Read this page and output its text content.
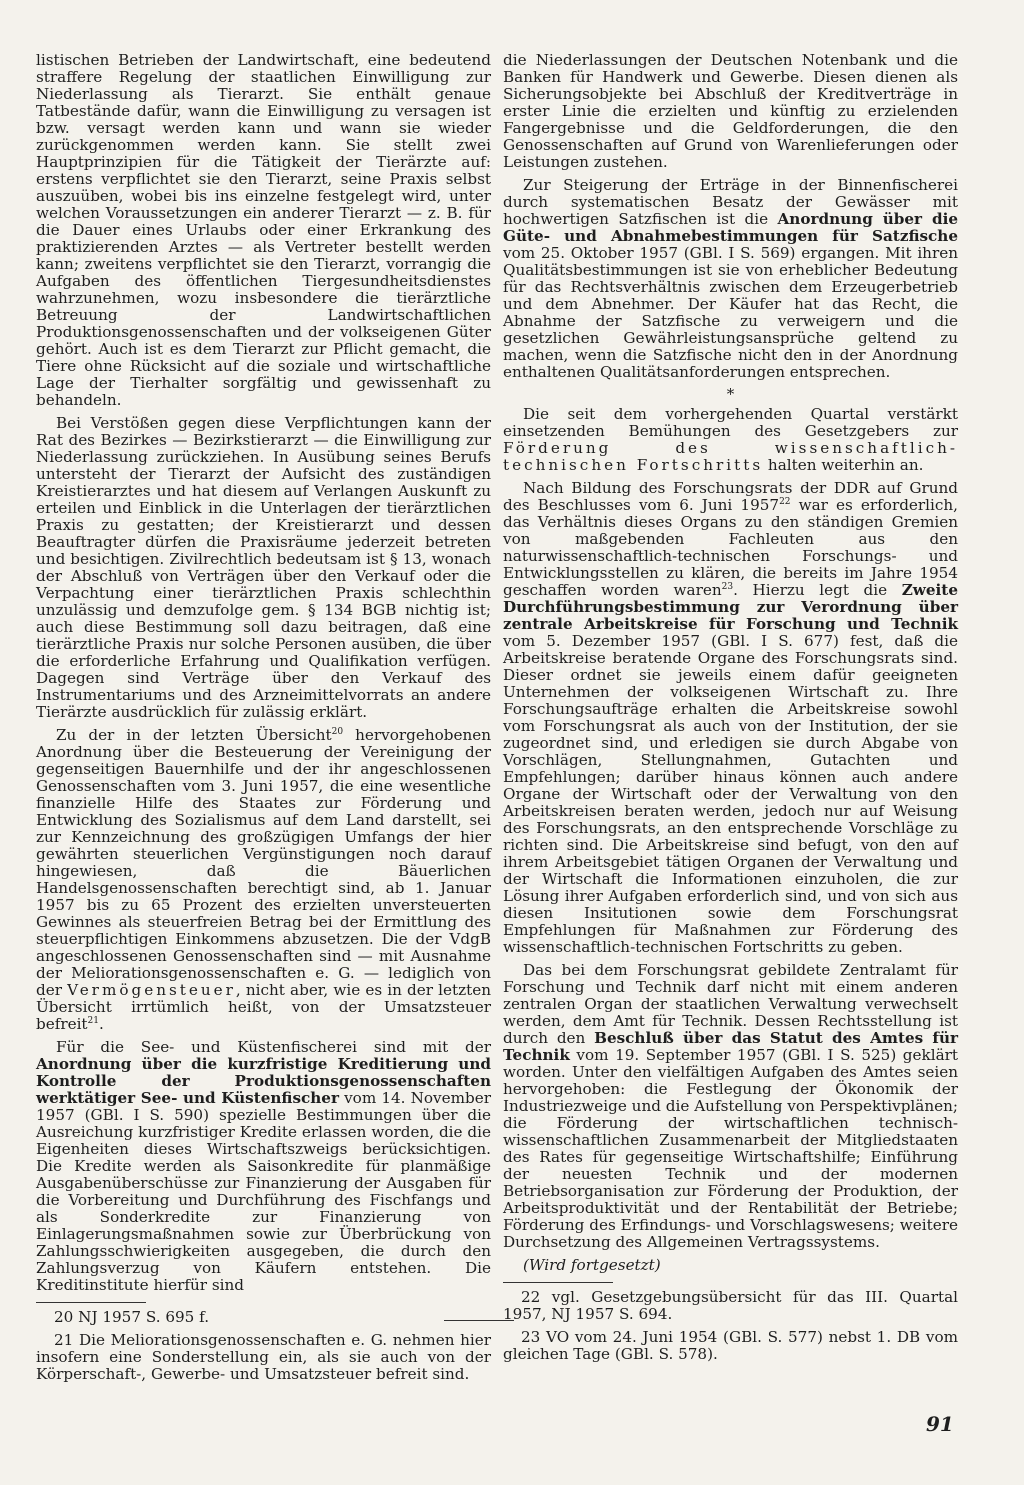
listischen Betrieben der Landwirtschaft, eine bedeutend straffere Regelung der staatlichen Einwilligung zur Niederlassung als Tierarzt. Sie enthält genaue Tatbestände dafür, wann die Einwilligung zu versagen ist bzw. versagt werden kann und wann sie wieder zurückgenommen werden kann. Sie stellt zwei Hauptprinzipien für die Tätigkeit der Tierärzte auf: erstens verpflichtet sie den Tierarzt, seine Praxis selbst auszuüben, wobei bis ins einzelne festgelegt wird, unter welchen Voraussetzungen ein anderer Tierarzt — z. B. für die Dauer eines Urlaubs oder einer Erkrankung des praktizierenden Arztes — als Vertreter bestellt werden kann; zweitens verpflichtet sie den Tierarzt, vorrangig die Aufgaben des öffentlichen Tiergesundheitsdienstes wahrzunehmen, wozu insbesondere die tierärztliche Betreuung der Landwirtschaftlichen Produktionsgenossenschaften und der volkseigenen Güter gehört. Auch ist es dem Tierarzt zur Pflicht gemacht, die Tiere ohne Rücksicht auf die soziale und wirtschaftliche Lage der Tierhalter sorgfältig und gewissenhaft zu behandeln.

Bei Verstößen gegen diese Verpflichtungen kann der Rat des Bezirkes — Bezirkstierarzt — die Einwilligung zur Niederlassung zurückziehen. In Ausübung seines Berufs untersteht der Tierarzt der Aufsicht des zuständigen Kreistierarztes und hat diesem auf Verlangen Auskunft zu erteilen und Einblick in die Unterlagen der tierärztlichen Praxis zu gestatten; der Kreistierarzt und dessen Beauftragter dürfen die Praxisräume jederzeit betreten und besichtigen. Zivilrechtlich bedeutsam ist § 13, wonach der Abschluß von Verträgen über den Verkauf oder die Verpachtung einer tierärztlichen Praxis schlechthin unzulässig und demzufolge gem. § 134 BGB nichtig ist; auch diese Bestimmung soll dazu beitragen, daß eine tierärztliche Praxis nur solche Personen ausüben, die über die erforderliche Erfahrung und Qualifikation verfügen. Dagegen sind Verträge über den Verkauf des Instrumentariums und des Arzneimittelvorrats an andere Tierärzte ausdrücklich für zulässig erklärt.

Zu der in der letzten Übersicht$^{20}$ hervorgehobenen Anordnung über die Besteuerung der Vereinigung der gegenseitigen Bauernhilfe und der ihr angeschlossenen Genossenschaften vom 3. Juni 1957, die eine wesentliche finanzielle Hilfe des Staates zur Förderung und Entwicklung des Sozialismus auf dem Land darstellt, sei zur Kennzeichnung des großzügigen Umfangs der hier gewährten steuerlichen Vergünstigungen noch darauf hingewiesen, daß die Bäuerlichen Handelsgenossenschaften berechtigt sind, ab 1. Januar 1957 bis zu 65 Prozent des erzielten unversteuerten Gewinnes als steuerfreien Betrag bei der Ermittlung des steuerpflichtigen Einkommens abzusetzen. Die der VdgB angeschlossenen Genossenschaften sind — mit Ausnahme der Meliorationsgenossenschaften e. G. — lediglich von der Vermögensteuer, nicht aber, wie es in der letzten Übersicht irrtümlich heißt, von der Umsatzsteuer befreit$^{21}$.

Für die See- und Küstenfischerei sind mit der Anordnung über die kurzfristige Kreditierung und Kontrolle der Produktionsgenossenschaften werktätiger See- und Küstenfischer vom 14. November 1957 (GBl. I S. 590) spezielle Bestimmungen über die Ausreichung kurzfristiger Kredite erlassen worden, die die Eigenheiten dieses Wirtschaftszweigs berücksichtigen. Die Kredite werden als Saisonkredite für planmäßige Ausgabenüberschüsse zur Finanzierung der Ausgaben für die Vorbereitung und Durchführung des Fischfangs und als Sonderkredite zur Finanzierung von Einlagerungsmaßnahmen sowie zur Überbrückung von Zahlungsschwierigkeiten ausgegeben, die durch den Zahlungsverzug von Käufern entstehen. Die Kreditinstitute hierfür sind

20 NJ 1957 S. 695 f.

21 Die Meliorationsgenossenschaften e. G. nehmen hier insofern eine Sonderstellung ein, als sie auch von der Körperschaft-, Gewerbe- und Umsatzsteuer befreit sind.

die Niederlassungen der Deutschen Notenbank und die Banken für Handwerk und Gewerbe. Diesen dienen als Sicherungsobjekte bei Abschluß der Kreditverträge in erster Linie die erzielten und künftig zu erzielenden Fangergebnisse und die Geldforderungen, die den Genossenschaften auf Grund von Warenlieferungen oder Leistungen zustehen.

Zur Steigerung der Erträge in der Binnenfischerei durch systematischen Besatz der Gewässer mit hochwertigen Satzfischen ist die Anordnung über die Güte- und Abnahmebestimmungen für Satzfische vom 25. Oktober 1957 (GBl. I S. 569) ergangen. Mit ihren Qualitätsbestimmungen ist sie von erheblicher Bedeutung für das Rechtsverhältnis zwischen dem Erzeugerbetrieb und dem Abnehmer. Der Käufer hat das Recht, die Abnahme der Satzfische zu verweigern und die gesetzlichen Gewährleistungsansprüche geltend zu machen, wenn die Satzfische nicht den in der Anordnung enthaltenen Qualitätsanforderungen entsprechen.

*

Die seit dem vorhergehenden Quartal verstärkt einsetzenden Bemühungen des Gesetzgebers zur Förderung des wissenschaftlich-technischen Fortschritts halten weiterhin an.

Nach Bildung des Forschungsrats der DDR auf Grund des Beschlusses vom 6. Juni 1957$^{22}$ war es erforderlich, das Verhältnis dieses Organs zu den ständigen Gremien von maßgebenden Fachleuten aus den naturwissenschaftlich-technischen Forschungs- und Entwicklungsstellen zu klären, die bereits im Jahre 1954 geschaffen worden waren$^{23}$. Hierzu legt die Zweite Durchführungsbestimmung zur Verordnung über zentrale Arbeitskreise für Forschung und Technik vom 5. Dezember 1957 (GBl. I S. 677) fest, daß die Arbeitskreise beratende Organe des Forschungsrats sind. Dieser ordnet sie jeweils einem dafür geeigneten Unternehmen der volkseigenen Wirtschaft zu. Ihre Forschungsaufträge erhalten die Arbeitskreise sowohl vom Forschungsrat als auch von der Institution, der sie zugeordnet sind, und erledigen sie durch Abgabe von Vorschlägen, Stellungnahmen, Gutachten und Empfehlungen; darüber hinaus können auch andere Organe der Wirtschaft oder der Verwaltung von den Arbeitskreisen beraten werden, jedoch nur auf Weisung des Forschungsrats, an den entsprechende Vorschläge zu richten sind. Die Arbeitskreise sind befugt, von den auf ihrem Arbeitsgebiet tätigen Organen der Verwaltung und der Wirtschaft die Informationen einzuholen, die zur Lösung ihrer Aufgaben erforderlich sind, und von sich aus diesen Insitutionen sowie dem Forschungsrat Empfehlungen für Maßnahmen zur Förderung des wissenschaftlich-technischen Fortschritts zu geben.

Das bei dem Forschungsrat gebildete Zentralamt für Forschung und Technik darf nicht mit einem anderen zentralen Organ der staatlichen Verwaltung verwechselt werden, dem Amt für Technik. Dessen Rechtsstellung ist durch den Beschluß über das Statut des Amtes für Technik vom 19. September 1957 (GBl. I S. 525) geklärt worden. Unter den vielfältigen Aufgaben des Amtes seien hervorgehoben: die Festlegung der Ökonomik der Industriezweige und die Aufstellung von Perspektivplänen; die Förderung der wirtschaftlichen technisch-wissenschaftlichen Zusammenarbeit der Mitgliedstaaten des Rates für gegenseitige Wirtschaftshilfe; Einführung der neuesten Technik und der modernen Betriebsorganisation zur Förderung der Produktion, der Arbeitsproduktivität und der Rentabilität der Betriebe; Förderung des Erfindungs- und Vorschlagswesens; weitere Durchsetzung des Allgemeinen Vertragssystems.

(Wird fortgesetzt)

22 vgl. Gesetzgebungsübersicht für das III. Quartal 1957, NJ 1957 S. 694.

23 VO vom 24. Juni 1954 (GBl. S. 577) nebst 1. DB vom gleichen Tage (GBl. S. 578).

91
